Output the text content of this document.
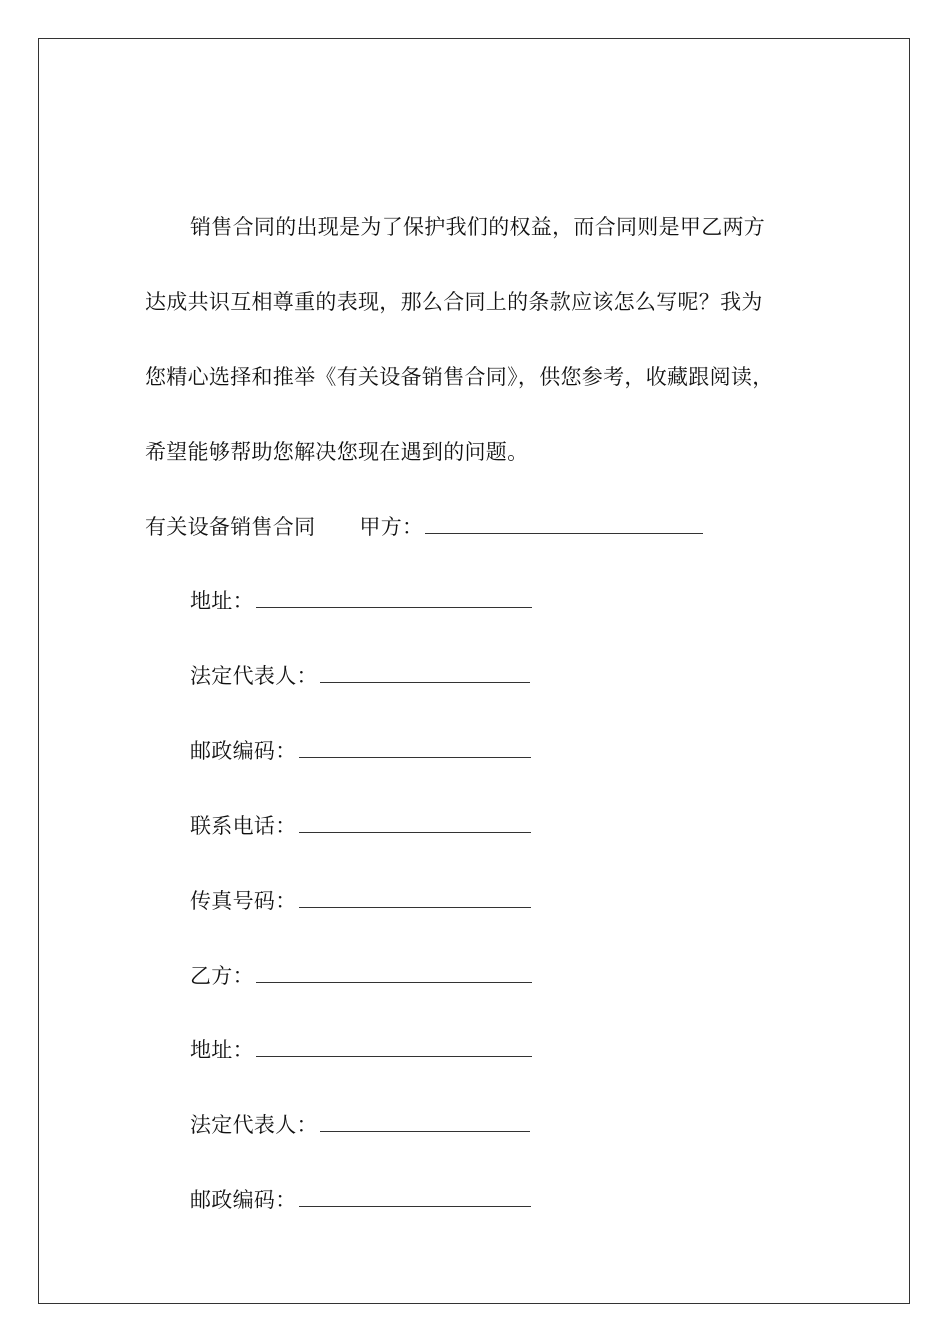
销售合同的出现是为了保护我们的权益，而合同则是甲乙两方
达成共识互相尊重的表现，那么合同上的条款应该怎么写呢？我为
您精心选择和推举《有关设备销售合同》，供您参考，收藏跟阅读，
希望能够帮助您解决您现在遇到的问题。
有关设备销售合同 甲方：
地址：
法定代表人：
邮政编码：
联系电话：
传真号码：
乙方：
地址：
法定代表人：
邮政编码：
